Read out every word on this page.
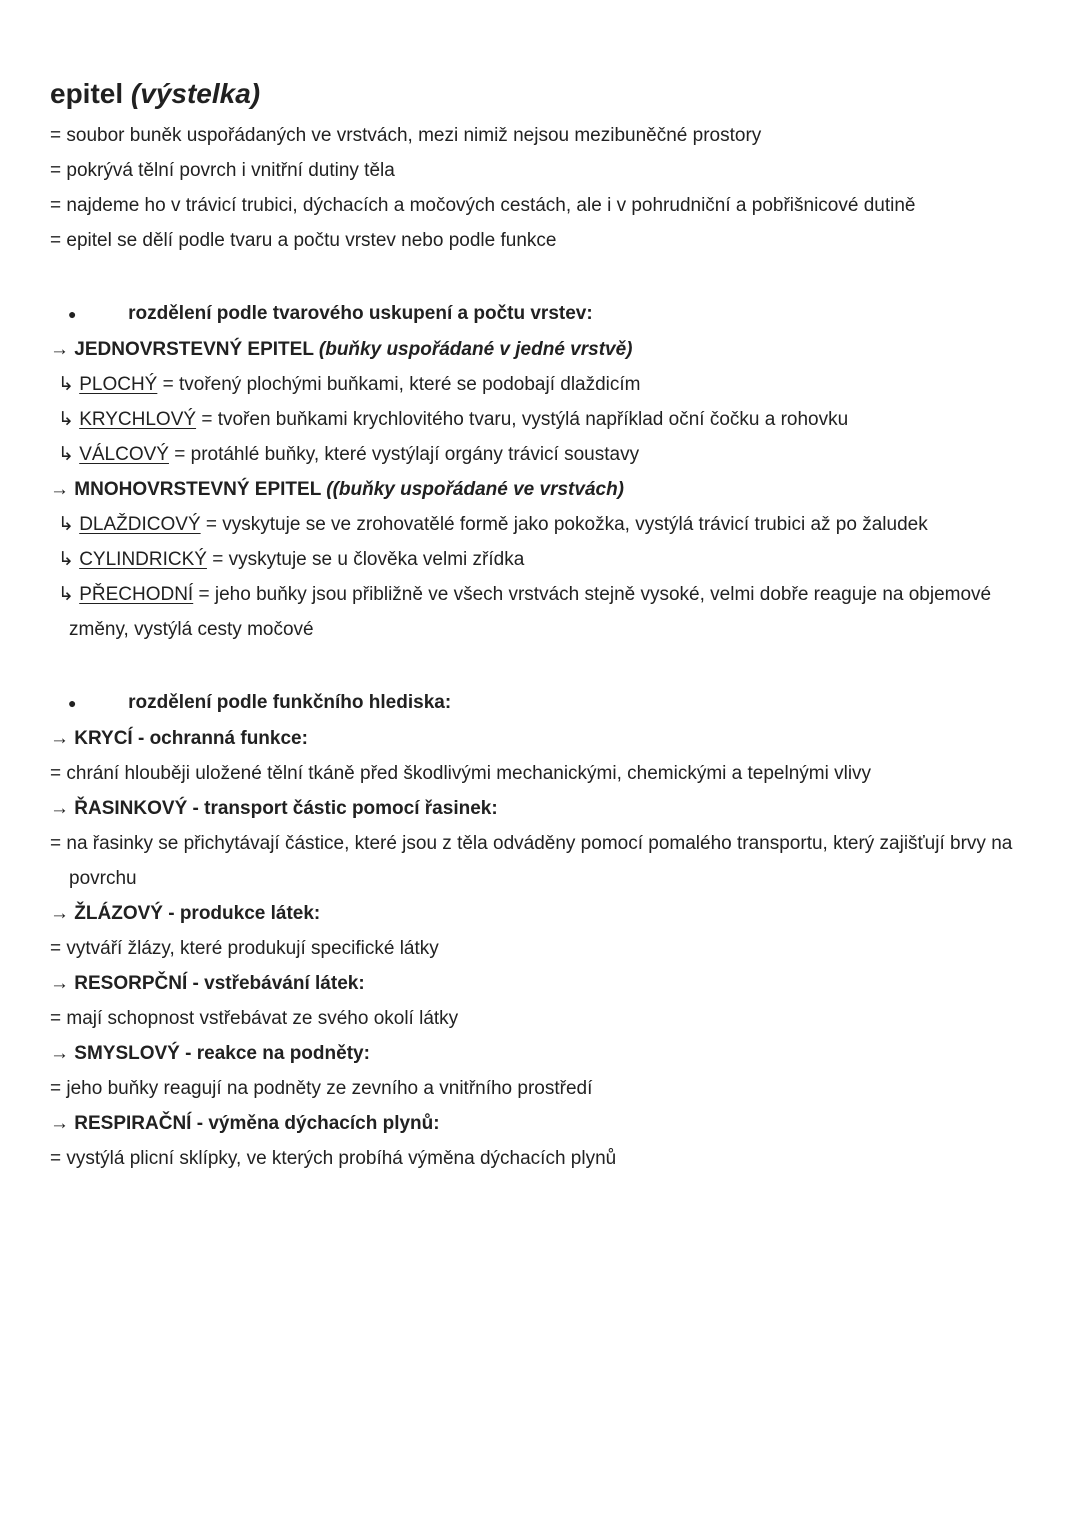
epitel (výstelka)
= soubor buněk uspořádaných ve vrstvách, mezi nimiž nejsou mezibuněčné prostory
= pokrývá tělní povrch i vnitřní dutiny těla
= najdeme ho v trávicí trubici, dýchacích a močových cestách, ale i v pohrudniční a pobřišnicové dutině
= epitel se dělí podle tvaru a počtu vrstev nebo podle funkce
●   rozdělení podle tvarového uskupení a počtu vrstev:
→ JEDNOVRSTEVNÝ EPITEL (buňky uspořádané v jedné vrstvě)
↳ PLOCHÝ = tvořený plochými buňkami, které se podobají dlaždicím
↳ KRYCHLOVÝ = tvořen buňkami krychlovitého tvaru, vystýlá například oční čočku a rohovku
↳ VÁLCOVÝ = protáhlé buňky, které vystýlají orgány trávicí soustavy
→ MNOHOVRSTEVNÝ EPITEL ((buňky uspořádané ve vrstvách)
↳ DLAŽDICOVÝ = vyskytuje se ve zrohovatělé formě jako pokožka, vystýlá trávicí trubici až po žaludek
↳ CYLINDRICKÝ = vyskytuje se u člověka velmi zřídka
↳ PŘECHODNÍ = jeho buňky jsou přibližně ve všech vrstvách stejně vysoké, velmi dobře reaguje na objemové změny, vystýlá cesty močové
●   rozdělení podle funkčního hlediska:
→ KRYCÍ - ochranná funkce:
= chrání hlouběji uložené tělní tkáně před škodlivými mechanickými, chemickými a tepelnými vlivy
→ ŘASINKOVÝ - transport částic pomocí řasinek:
= na řasinky se přichytávají částice, které jsou z těla odváděny pomocí pomalého transportu, který zajišťují brvy na povrchu
→ ŽLÁZOVÝ - produkce látek:
= vytváří žlázy, které produkují specifické látky
→ RESORPČNÍ - vstřebávání látek:
= mají schopnost vstřebávat ze svého okolí látky
→ SMYSLOVÝ - reakce na podněty:
= jeho buňky reagují na podněty ze zevního a vnitřního prostředí
→ RESPIRAČNÍ - výměna dýchacích plynů:
= vystýlá plicní sklípky, ve kterých probíhá výměna dýchacích plynů
